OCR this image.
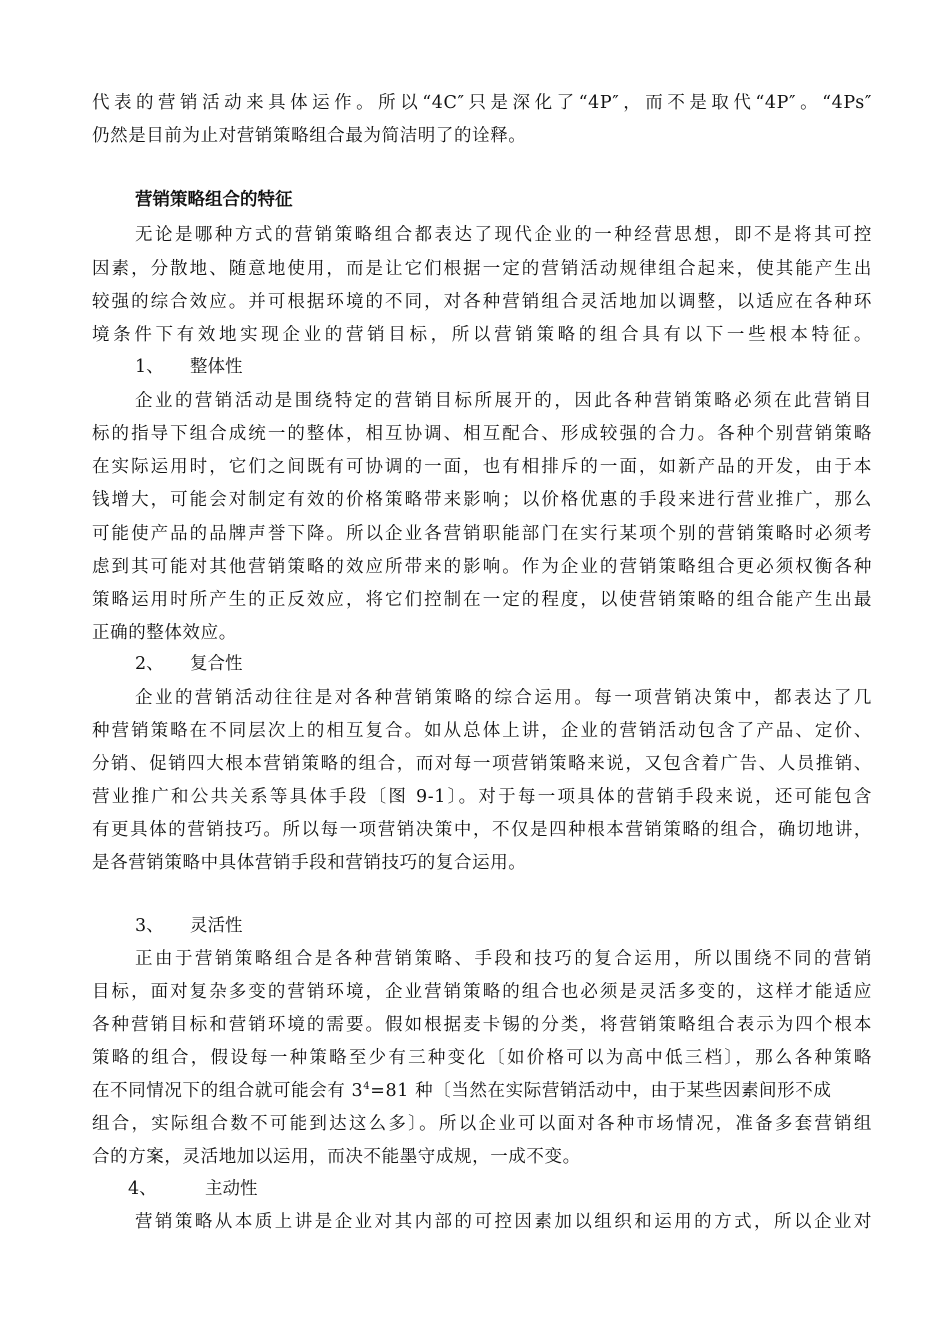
代表的营销活动来具体运作。所以“4C″只是深化了“4P″，而不是取代“4P″。“4Ps″
仍然是目前为止对营销策略组合最为简洁明了的诠释。
营销策略组合的特征
无论是哪种方式的营销策略组合都表达了现代企业的一种经营思想，即不是将其可控
因素，分散地、随意地使用，而是让它们根据一定的营销活动规律组合起来，使其能产生出
较强的综合效应。并可根据环境的不同，对各种营销组合灵活地加以调整，以适应在各种环
境条件下有效地实现企业的营销目标，所以营销策略的组合具有以下一些根本特征。
1、 整体性
企业的营销活动是围绕特定的营销目标所展开的，因此各种营销策略必须在此营销目
标的指导下组合成统一的整体，相互协调、相互配合、形成较强的合力。各种个别营销策略
在实际运用时，它们之间既有可协调的一面，也有相排斥的一面，如新产品的开发，由于本
钱增大，可能会对制定有效的价格策略带来影响；以价格优惠的手段来进行营业推广，那么
可能使产品的品牌声誉下降。所以企业各营销职能部门在实行某项个别的营销策略时必须考
虑到其可能对其他营销策略的效应所带来的影响。作为企业的营销策略组合更必须权衡各种
策略运用时所产生的正反效应，将它们控制在一定的程度，以使营销策略的组合能产生出最
正确的整体效应。
2、 复合性
企业的营销活动往往是对各种营销策略的综合运用。每一项营销决策中，都表达了几
种营销策略在不同层次上的相互复合。如从总体上讲，企业的营销活动包含了产品、定价、
分销、促销四大根本营销策略的组合，而对每一项营销策略来说，又包含着广告、人员推销、
营业推广和公共关系等具体手段〔图 9-1〕。对于每一项具体的营销手段来说，还可能包含
有更具体的营销技巧。所以每一项营销决策中，不仅是四种根本营销策略的组合，确切地讲，
是各营销策略中具体营销手段和营销技巧的复合运用。
3、 灵活性
正由于营销策略组合是各种营销策略、手段和技巧的复合运用，所以围绕不同的营销
目标，面对复杂多变的营销环境，企业营销策略的组合也必须是灵活多变的，这样才能适应
各种营销目标和营销环境的需要。假如根据麦卡锡的分类，将营销策略组合表示为四个根本
策略的组合，假设每一种策略至少有三种变化〔如价格可以为高中低三档〕，那么各种策略
在不同情况下的组合就可能会有 $3^4=81$ 种〔当然在实际营销活动中，由于某些因素间形不成
组合，实际组合数不可能到达这么多〕。所以企业可以面对各种市场情况，准备多套营销组
合的方案，灵活地加以运用，而决不能墨守成规，一成不变。
4、	主动性
营销策略从本质上讲是企业对其内部的可控因素加以组织和运用的方式，所以企业对
